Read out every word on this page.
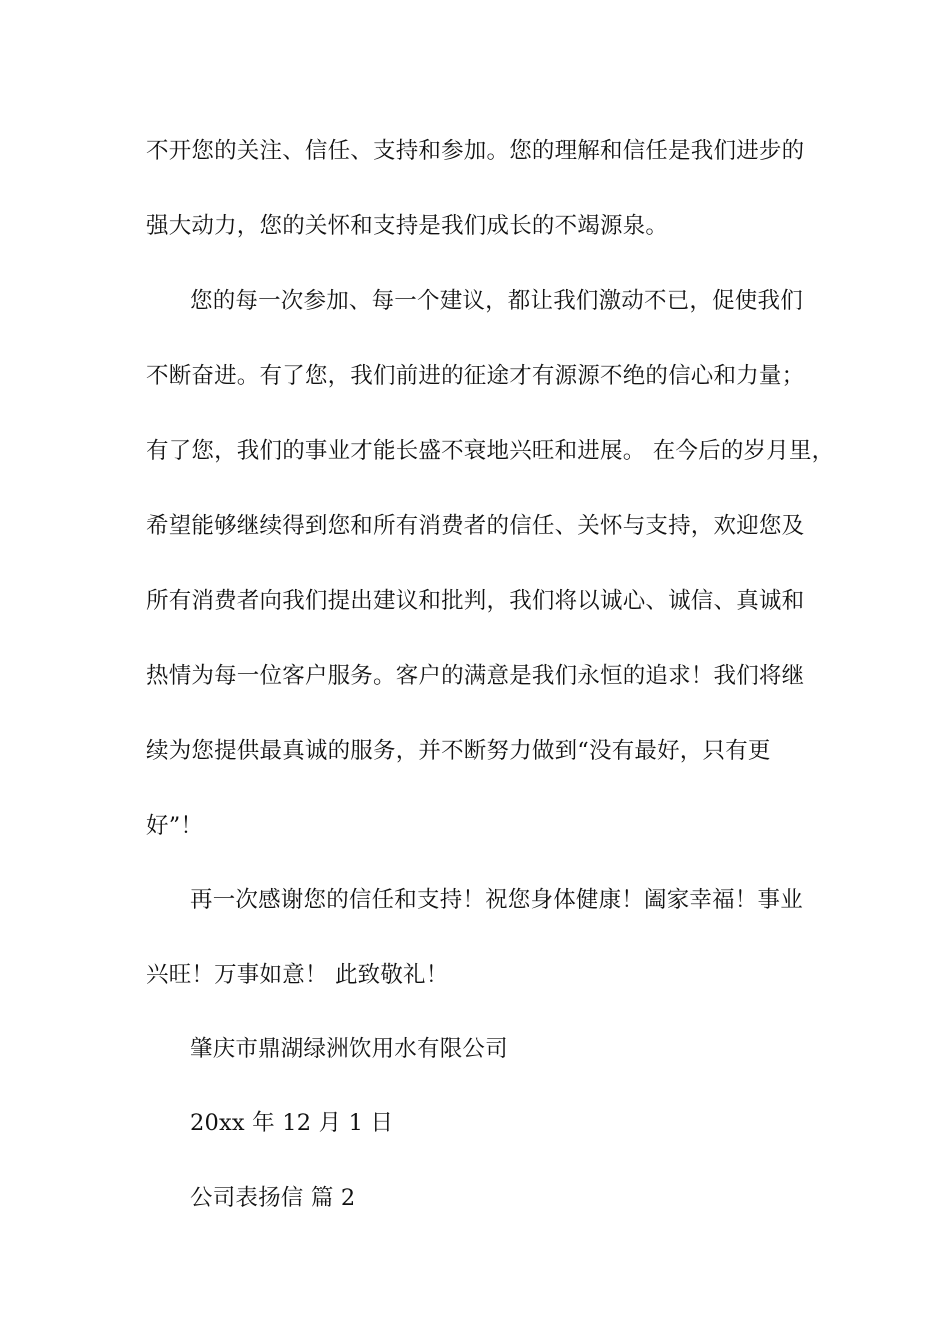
不开您的关注、信任、支持和参加。您的理解和信任是我们进步的
强大动力，您的关怀和支持是我们成长的不竭源泉。
您的每一次参加、每一个建议，都让我们激动不已，促使我们
不断奋进。有了您，我们前进的征途才有源源不绝的信心和力量；
有了您，我们的事业才能长盛不衰地兴旺和进展。 在今后的岁月里，
希望能够继续得到您和所有消费者的信任、关怀与支持，欢迎您及
所有消费者向我们提出建议和批判，我们将以诚心、诚信、真诚和
热情为每一位客户服务。客户的满意是我们永恒的追求！我们将继
续为您提供最真诚的服务，并不断努力做到“没有最好，只有更
好”！
再一次感谢您的信任和支持！祝您身体健康！阖家幸福！事业
兴旺！万事如意！ 此致敬礼！
肇庆市鼎湖绿洲饮用水有限公司
20xx 年 12 月 1 日
公司表扬信 篇 2
